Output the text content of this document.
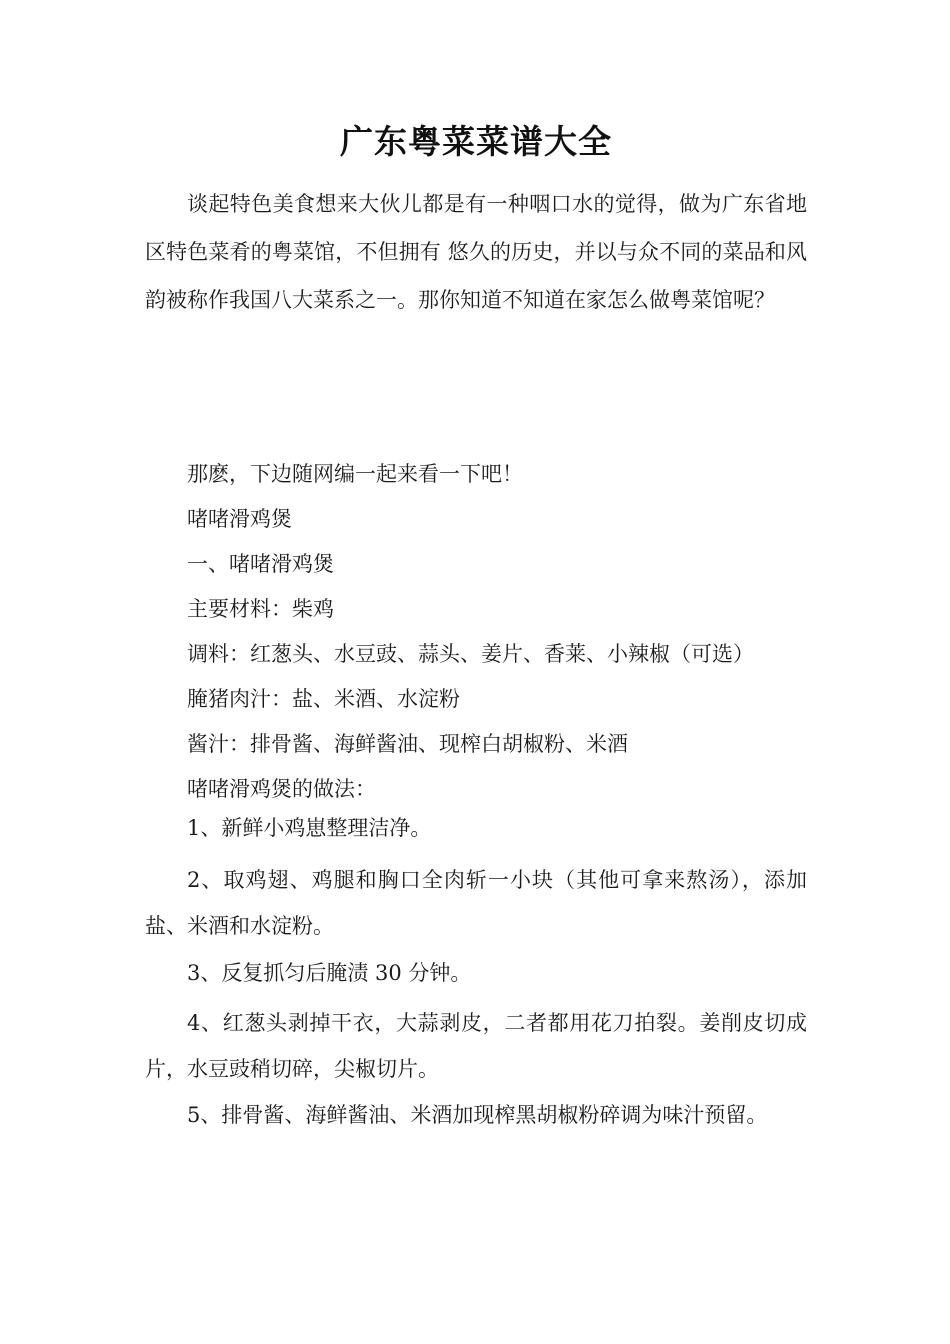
广东粤菜菜谱大全

谈起特色美食想来大伙儿都是有一种咽口水的觉得，做为广东省地区特色菜肴的粤菜馆，不但拥有 悠久的历史，并以与众不同的菜品和风韵被称作我国八大菜系之一。那你知道不知道在家怎么做粤菜馆呢？

那麽，下边随网编一起来看一下吧！
啫啫滑鸡煲
一、啫啫滑鸡煲
主要材料：柴鸡
调料：红葱头、水豆豉、蒜头、姜片、香莱、小辣椒（可选）
腌猪肉汁：盐、米酒、水淀粉
酱汁：排骨酱、海鲜酱油、现榨白胡椒粉、米酒
啫啫滑鸡煲的做法：

1、新鲜小鸡崽整理洁净。

2、取鸡翅、鸡腿和胸口全肉斩一小块（其他可拿来熬汤），添加盐、米酒和水淀粉。

3、反复抓匀后腌渍 30 分钟。

4、红葱头剥掉干衣，大蒜剥皮，二者都用花刀拍裂。姜削皮切成片，水豆豉稍切碎，尖椒切片。

5、排骨酱、海鲜酱油、米酒加现榨黑胡椒粉碎调为味汁预留。
